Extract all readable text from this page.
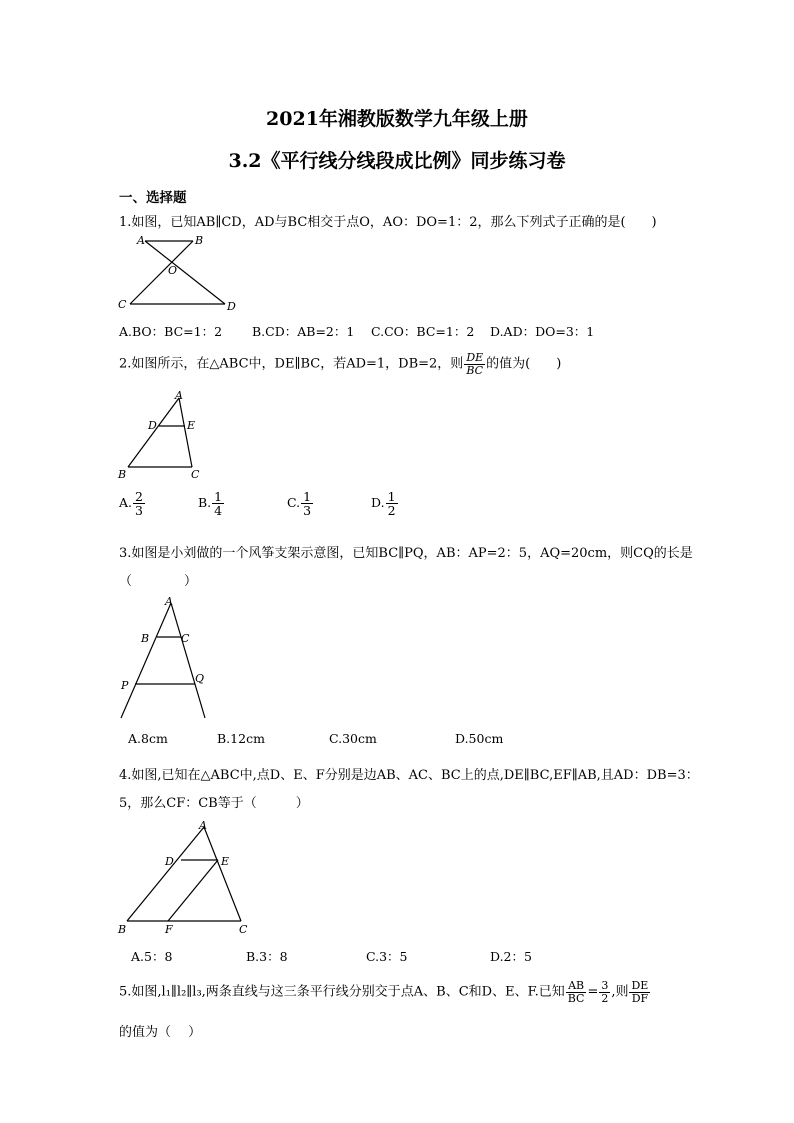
2021年湘教版数学九年级上册
3.2《平行线分线段成比例》同步练习卷
一、选择题
1.如图，已知AB∥CD，AD与BC相交于点O，AO：DO=1：2，那么下列式子正确的是(　　)
A	B
O
C	D
A.BO：BC=1：2 B.CD：AB=2：1 C.CO：BC=1：2 D.AD：DO=3：1
2.如图所示，在△ABC中，DE∥BC，若AD=1，DB=2，则 $\frac{DE}{BC}$ 的值为(　　)
A
D	E
B	C
A. $\frac{2}{3}$	B. $\frac{1}{4}$	C. $\frac{1}{3}$	D. $\frac{1}{2}$
3.如图是小刘做的一个风筝支架示意图，已知BC∥PQ，AB：AP=2：5，AQ=20cm，则CQ的长是
（　　　　）
A
B	C
P
Q
A.8cm	B.12cm	C.30cm	D.50cm
4.如图,已知在△ABC中,点D、E、F分别是边AB、AC、BC上的点,DE∥BC,EF∥AB,且AD：DB=3：
5，那么CF：CB等于（　　　）
A
D	E
B	F	C
A.5：8	B.3：8	C.3：5	D.2：5
5.如图,l₁∥l₂∥l₃,两条直线与这三条平行线分别交于点A、B、C和D、E、F.已知 $\frac{AB}{BC} = \frac{3}{2}$ ,则 $\frac{DE}{DF}$
的值为（　 ）
